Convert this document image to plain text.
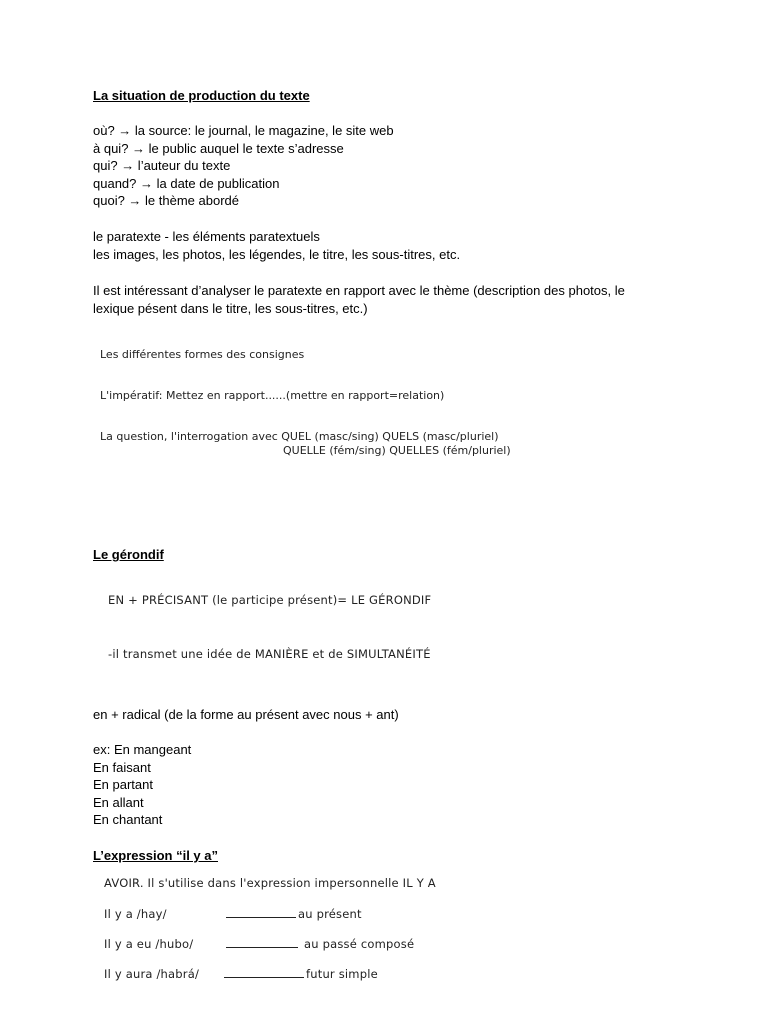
La situation de production du texte
où? → la source: le journal, le magazine, le site web
à qui? → le public auquel le texte s’adresse
qui? → l’auteur du texte
quand? → la date de publication
quoi? → le thème abordé
le paratexte - les éléments paratextuels
les images, les photos, les légendes, le titre, les sous-titres, etc.
Il est intéressant d’analyser le paratexte en rapport avec le thème (description des photos, le
lexique pésent dans le titre, les sous-titres, etc.)
Les différentes formes des consignes
L'impératif: Mettez en rapport......(mettre en rapport=relation)
La question, l'interrogation avec QUEL (masc/sing) QUELS (masc/pluriel)
QUELLE (fém/sing) QUELLES (fém/pluriel)
Le gérondif
EN + PRÉCISANT (le participe présent)= LE GÉRONDIF
-il transmet une idée de MANIÈRE et de SIMULTANÉITÉ
en + radical (de la forme au présent avec nous + ant)
ex: En mangeant
En faisant
En partant
En allant
En chantant
L’expression “il y a”
AVOIR. Il s'utilise dans l'expression impersonnelle IL Y A
Il y a /hay/	au présent
Il y a eu /hubo/	au passé composé
Il y aura /habrá/	futur simple
